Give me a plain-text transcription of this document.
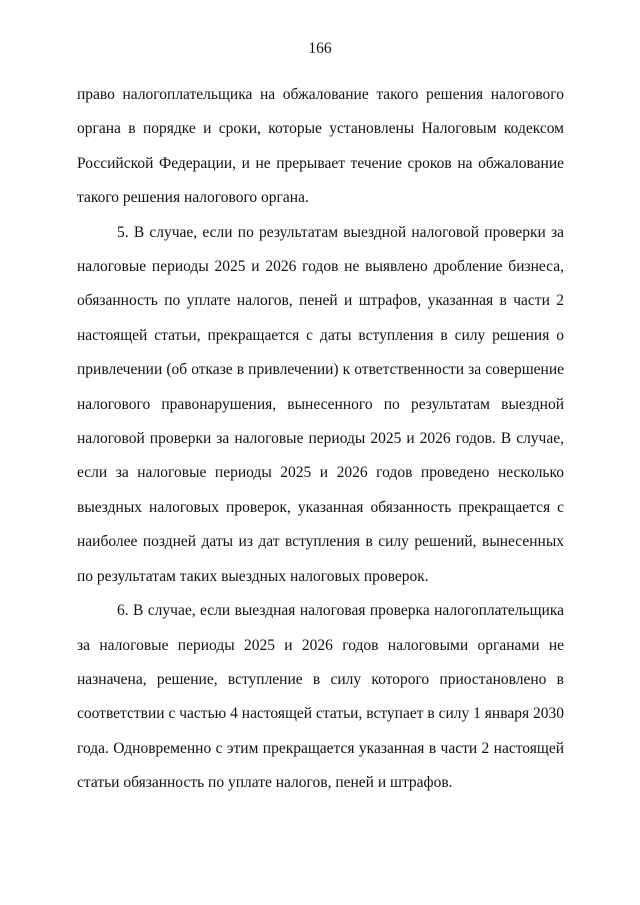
166

право налогоплательщика на обжалование такого решения налогового органа в порядке и сроки, которые установлены Налоговым кодексом Российской Федерации, и не прерывает течение сроков на обжалование такого решения налогового органа.

5. В случае, если по результатам выездной налоговой проверки за налоговые периоды 2025 и 2026 годов не выявлено дробление бизнеса, обязанность по уплате налогов, пеней и штрафов, указанная в части 2 настоящей статьи, прекращается с даты вступления в силу решения о привлечении (об отказе в привлечении) к ответственности за совершение налогового правонарушения, вынесенного по результатам выездной налоговой проверки за налоговые периоды 2025 и 2026 годов. В случае, если за налоговые периоды 2025 и 2026 годов проведено несколько выездных налоговых проверок, указанная обязанность прекращается с наиболее поздней даты из дат вступления в силу решений, вынесенных по результатам таких выездных налоговых проверок.

6. В случае, если выездная налоговая проверка налогоплательщика за налоговые периоды 2025 и 2026 годов налоговыми органами не назначена, решение, вступление в силу которого приостановлено в соответствии с частью 4 настоящей статьи, вступает в силу 1 января 2030 года. Одновременно с этим прекращается указанная в части 2 настоящей статьи обязанность по уплате налогов, пеней и штрафов.
